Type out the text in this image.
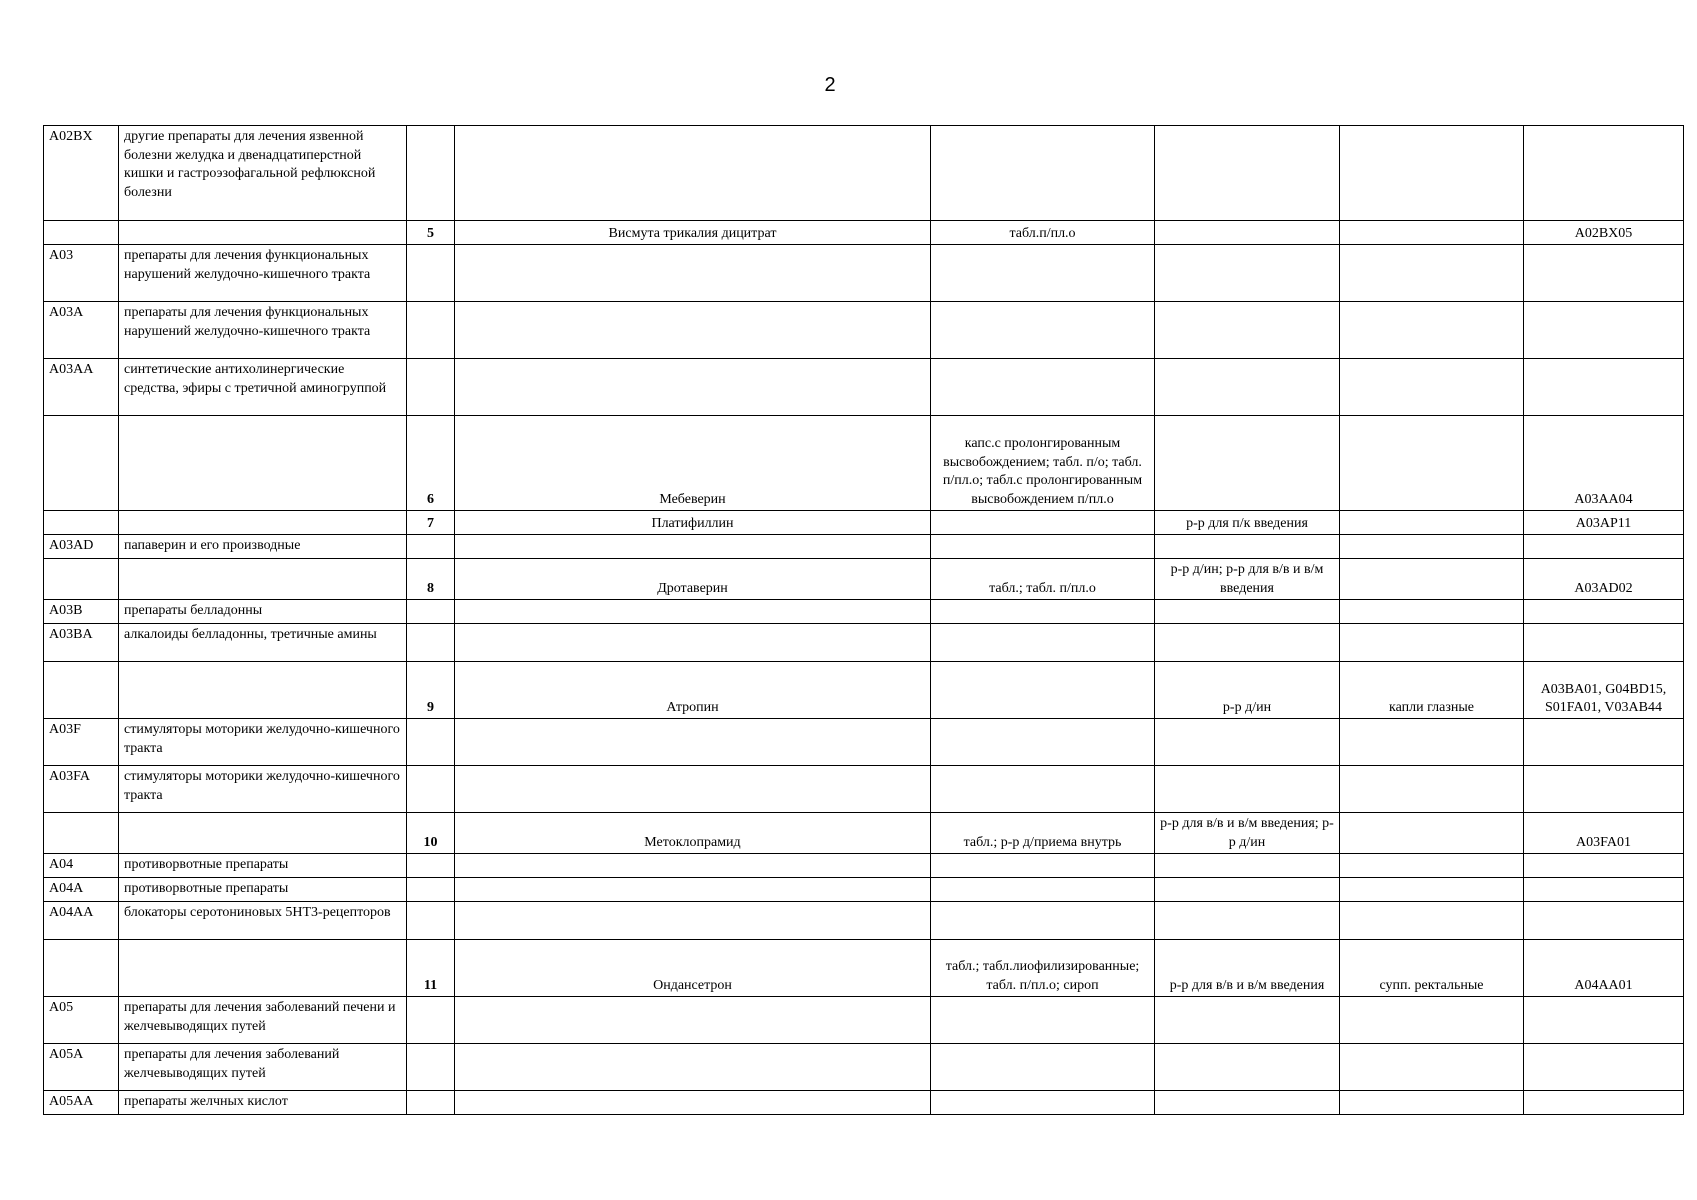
2
A02BX	другие препараты для лечения язвенной болезни желудка и двенадцатиперстной кишки и гастроэзофагальной рефлюксной болезни						
		5	Висмута трикалия дицитрат	табл.п/пл.о			A02BX05
A03	препараты для лечения функциональных нарушений желудочно-кишечного тракта						
A03A	препараты для лечения функциональных нарушений желудочно-кишечного тракта						
A03AA	синтетические антихолинергические средства, эфиры с третичной аминогруппой						
		6	Мебеверин	капс.с пролонгированным высвобождением; табл. п/о; табл. п/пл.о; табл.с пролонгированным высвобождением п/пл.о			A03AA04
		7	Платифиллин		р-р для п/к введения		A03AP11
A03AD	папаверин и его производные						
		8	Дротаверин	табл.; табл. п/пл.о	р-р д/ин; р-р для в/в и в/м введения		A03AD02
A03B	препараты белладонны						
A03BA	алкалоиды белладонны, третичные амины						
		9	Атропин		р-р д/ин	капли глазные	A03BA01, G04BD15, S01FA01, V03AB44
A03F	стимуляторы моторики желудочно-кишечного тракта						
A03FA	стимуляторы моторики желудочно-кишечного тракта						
		10	Метоклопрамид	табл.; р-р д/приема внутрь	р-р для в/в и в/м введения; р-р д/ин		A03FA01
A04	противорвотные препараты						
A04A	противорвотные препараты						
A04AA	блокаторы серотониновых 5НТ3-рецепторов						
		11	Ондансетрон	табл.; табл.лиофилизированные; табл. п/пл.о; сироп	р-р для в/в и в/м введения	супп. ректальные	A04AA01
A05	препараты для лечения заболеваний печени и желчевыводящих путей						
A05A	препараты для лечения заболеваний желчевыводящих путей						
A05AA	препараты желчных кислот						
